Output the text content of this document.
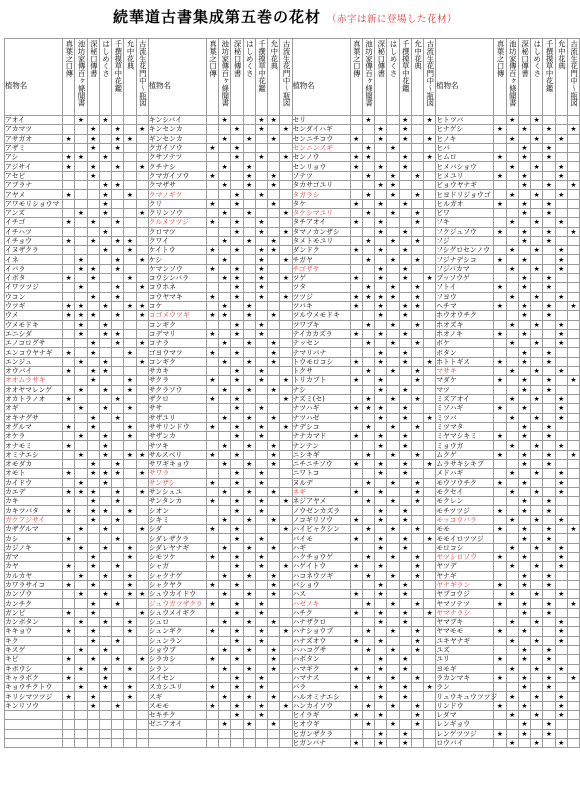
続華道古書集成第五巻の花材 （赤字は新に登場した花材）
植物名	真葉之口傳	池坊家傳百ヶ條聞書	深秘口傳書	はしめくさ	千撰摸草中花鑑	允中花典	古流生花門中〜瓶図	植物名	真葉之口傳	池坊家傳百ヶ條聞書	深秘口傳書	はしめくさ	千撰摸草中花鑑	允中花典	古流生花門中〜瓶図	植物名	真葉之口傳	池坊家傳百ヶ條聞書	深秘口傳書	はしめくさ	千撰摸草中花鑑	允中花典	古流生花門中〜瓶図	植物名	真葉之口傳	池坊家傳百ヶ條聞書	深秘口傳書	はしめくさ	千撰摸草中花鑑	允中花典	古流生花門中〜瓶図

アオイ		★		★				キンシバイ		★			★	★		セリ		★			★		★	ヒトツバ		★		★			
アカマツ			★		★		★	キンセンカ			★		★		★	センダイハギ			★		★			ヒナゲシ	★		★		★		★
アサガオ	★		★		★	★		ギンセンカ		★		★		★		センニチコウ	★		★		★		★	ヒノキ		★		★		★	
アザミ			★		★			クガイソウ	★		★					センニンスギ		★		★				ヒバ			★		★		
アシ	★	★		★				クサソテツ			★		★		★	センノウ	★	★			★		★	ヒムロ	★		★		★		
アジサイ	★		★		★		★	クチナシ		★		★				センリョウ	★		★		★			ヒメバショウ		★		★		★	
アセビ			★					クマガイソウ	★			★		★		ソテツ		★		★		★		ヒメユリ	★		★			★	
アブラナ				★	★			クマザサ		★		★		★		タカサゴユリ			★	★				ビョウヤナギ			★		★		★
アヤメ	★			★		★		クマノギク			★		★			タガラシ		★		★		★		ヒヨドリジョウゴ		★		★		★	
アワモリショウマ				★				クリ	★		★			★		タケ	★		★		★			ヒルガオ	★		★		★		
アンズ		★		★			★	クリンソウ		★		★			★	タケシマユリ		★		★		★		ビワ			★		★		
イチゴ	★		★		★			クルメツツジ	★		★		★			タチアオイ	★		★			★		フキ		★		★		★	
イチハツ				★				クロマツ			★		★		★	タマノカンザシ			★		★			フクジュソウ	★		★		★		★
イチョウ	★		★		★	★		クワイ		★		★		★		タメトモユリ		★		★		★		フジ			★		★		
イヌザクラ				★		★		ケイトウ	★		★		★	★		ダンドク	★		★		★			フシグロセンノウ		★		★		★	
イネ		★			★		★	ケシ		★			★		★	チガヤ		★		★		★		フジナデシコ	★		★			★	
イバラ		★	★		★			ケマンソウ	★		★		★			チゴザサ			★		★			フジバカマ		★		★		★	
イボタ	★		★			★		コウシンバラ		★	★		★		★	ツゲ	★		★		★		★	ブッソウゲ			★		★		
イワツツジ		★			★		★	コウホネ			★		★			ツタ		★		★		★		フトイ	★		★		★		
ウコン			★		★			コウヤマキ	★		★		★		★	ツツジ	★	★	★	★		★		フヨウ		★		★		★	
ウツギ	★	★		★		★	★	コケ		★		★				ツバキ	★		★		★	★		ヘチマ	★		★		★		★
ウメ	★	★	★		★		★	コゴメウツギ	★	★		★		★		ツルウメモドキ			★		★			ホウオウチク			★		★		
ウメモドキ		★		★				コンギク			★		★			ツワブキ		★		★		★		ホオズキ		★		★		★	
エニシダ		★		★	★			コデマリ	★		★		★			テイカカズラ	★		★		★			ホオノキ	★		★			★	
エノコログサ			★		★		★	コナラ		★		★		★		テッセン		★		★		★		ボケ		★		★		★	
エンコウヤナギ	★		★			★		ゴヨウマツ	★		★			★		テマリバナ			★		★			ボタン			★		★		
エンジュ		★		★			★	コンギク		★		★		★		トウモロコシ	★		★		★		★	ホトトギス	★		★		★		
オウバイ	★		★	★				サカキ			★		★			トクサ		★		★		★		マサキ		★		★		★	
オオムラサキ			★			★		サクラ	★		★		★		★	トリカブト	★		★			★		マダケ	★		★		★		★
オオヤマレンゲ		★		★		★		サクラソウ		★		★		★		ナシ			★		★			マツ			★		★		
オカトラノオ	★				★			ザクロ	★		★				★	ナズミ(セ)		★		★		★		ミズアオイ		★		★		★	
オギ		★		★		★		ササ			★		★			ナツハギ	★	★	★		★			ミソハギ	★		★			★	
オキナグサ			★		★			サザユリ		★		★		★		ナツハゼ			★		★		★	ミツバ		★		★		★	
オグルマ	★		★			★		ササリンドウ	★		★		★		★	ナデシコ		★		★		★		ミツマタ			★		★		
オケラ		★		★		★		サザンカ			★		★			ナナカマド	★		★		★			ミヤマシキミ	★		★		★		
オナモミ	★			★				サツキ		★		★		★		ナンテン			★		★			ミョウガ		★		★		★	
オミナエシ		★		★		★	★	サルスベリ	★		★			★		ニシキギ		★		★		★		ムクゲ	★		★		★		★
オモダカ			★		★			サワギキョウ		★		★		★		ニチニチソウ	★		★		★		★	ムラサキシキブ			★		★		
オモト	★		★	★	★		★	サワラ			★		★			ニワトコ			★		★			メドハギ		★		★		★	
カイドウ		★		★				サンザシ	★		★		★			ヌルデ		★		★		★		モウソウチク	★		★			★	
カエデ	★	★	★		★		★	サンシュユ		★		★		★		ネギ	★		★			★		モクセイ		★		★		★	
カキ			★		★			サンタンカ	★		★		★		★	ネジアヤメ		★		★		★		モクレン			★		★		
カキツバタ	★		★	★		★		シオン			★		★			ノウゼンカズラ			★		★			モチツツジ	★		★		★		
ガクアジサイ			★		★			シキミ		★		★		★		ノコギリソウ	★		★		★			モッコウバラ		★		★		★	
カザグルマ		★		★			★	シダ	★		★				★	ハイビャクシン		★		★		★		モモ	★		★		★		★
カシ	★				★			シダレザクラ			★		★			バイモ	★		★		★		★	モモイロツツジ			★		★		
カジノキ		★		★		★		シダレヤナギ		★		★		★		ハギ			★		★			モロコシ		★		★		★	
ガマ			★			★		シモツケ	★		★		★			ハクチョウゲ		★		★		★		ヤツシロソウ	★		★			★	
カヤ	★		★		★			シャガ			★		★		★	ハゲイトウ	★		★			★		ヤツデ		★		★		★	
カルカヤ		★		★		★		シャクナゲ		★		★		★		ハコネウツギ		★		★		★		ヤナギ			★		★		
カワラサイコ	★		★			★		シャクヤク	★		★			★		バショウ			★		★			ヤナギラン	★		★		★		
カンゾウ		★		★		★	★	シュウカイドウ		★		★		★		ハス	★		★		★			ヤブコウジ		★		★		★	
カンチク			★		★			ジュウガツザクラ	★		★		★			ハゼノキ		★		★		★		ヤマソテツ	★		★		★		★
ガンピ	★		★				★	シュウメイギク			★		★			ハチク	★		★		★		★	ヤマナラシ			★		★		
カンボタン		★		★		★		シュロ		★		★		★		ハナザクロ			★		★			ヤマブキ		★		★		★	
キキョウ	★		★			★		シュンギク	★		★		★		★	ハナショウブ		★		★		★		ヤマモモ	★		★			★	
キク			★		★			シュンラン			★		★			ハナズオウ	★		★			★		ユキヤナギ		★		★		★	
キスゲ		★		★				ショウブ		★		★		★		ハハコグサ		★		★		★		ユズ			★		★		
キビ	★		★		★		★	シラカシ	★		★			★		ハボタン			★		★			ユリ	★		★		★		
キボウシ		★		★		★		シラン		★		★		★		ハマギク	★		★		★			ヨモギ		★		★		★	
キャラボク	★			★				スイセン			★		★			ハマナス		★		★		★		ラカンマキ	★		★		★		★
キョウチクトウ		★		★		★		スカシユリ	★		★		★			バラ	★		★		★		★	ラン			★		★		
キリシマツツジ	★		★			★		スギ		★		★		★		ハルオミナエシ			★		★			リュウキュウツツジ		★		★		★	
キンリソウ			★		★			スモモ	★		★		★		★	ハンカイソウ		★		★		★		リンドウ	★		★			★	
								セキチク			★		★			ヒイラギ	★		★			★		レダマ		★		★		★	
								ゼニアオイ		★		★		★		ヒオウギ		★		★		★		レンギョウ			★		★		
																ヒガンザクラ			★		★			レンゲツツジ	★		★		★		
																ヒガンバナ	★		★		★			ロウバイ		★		★		★	
